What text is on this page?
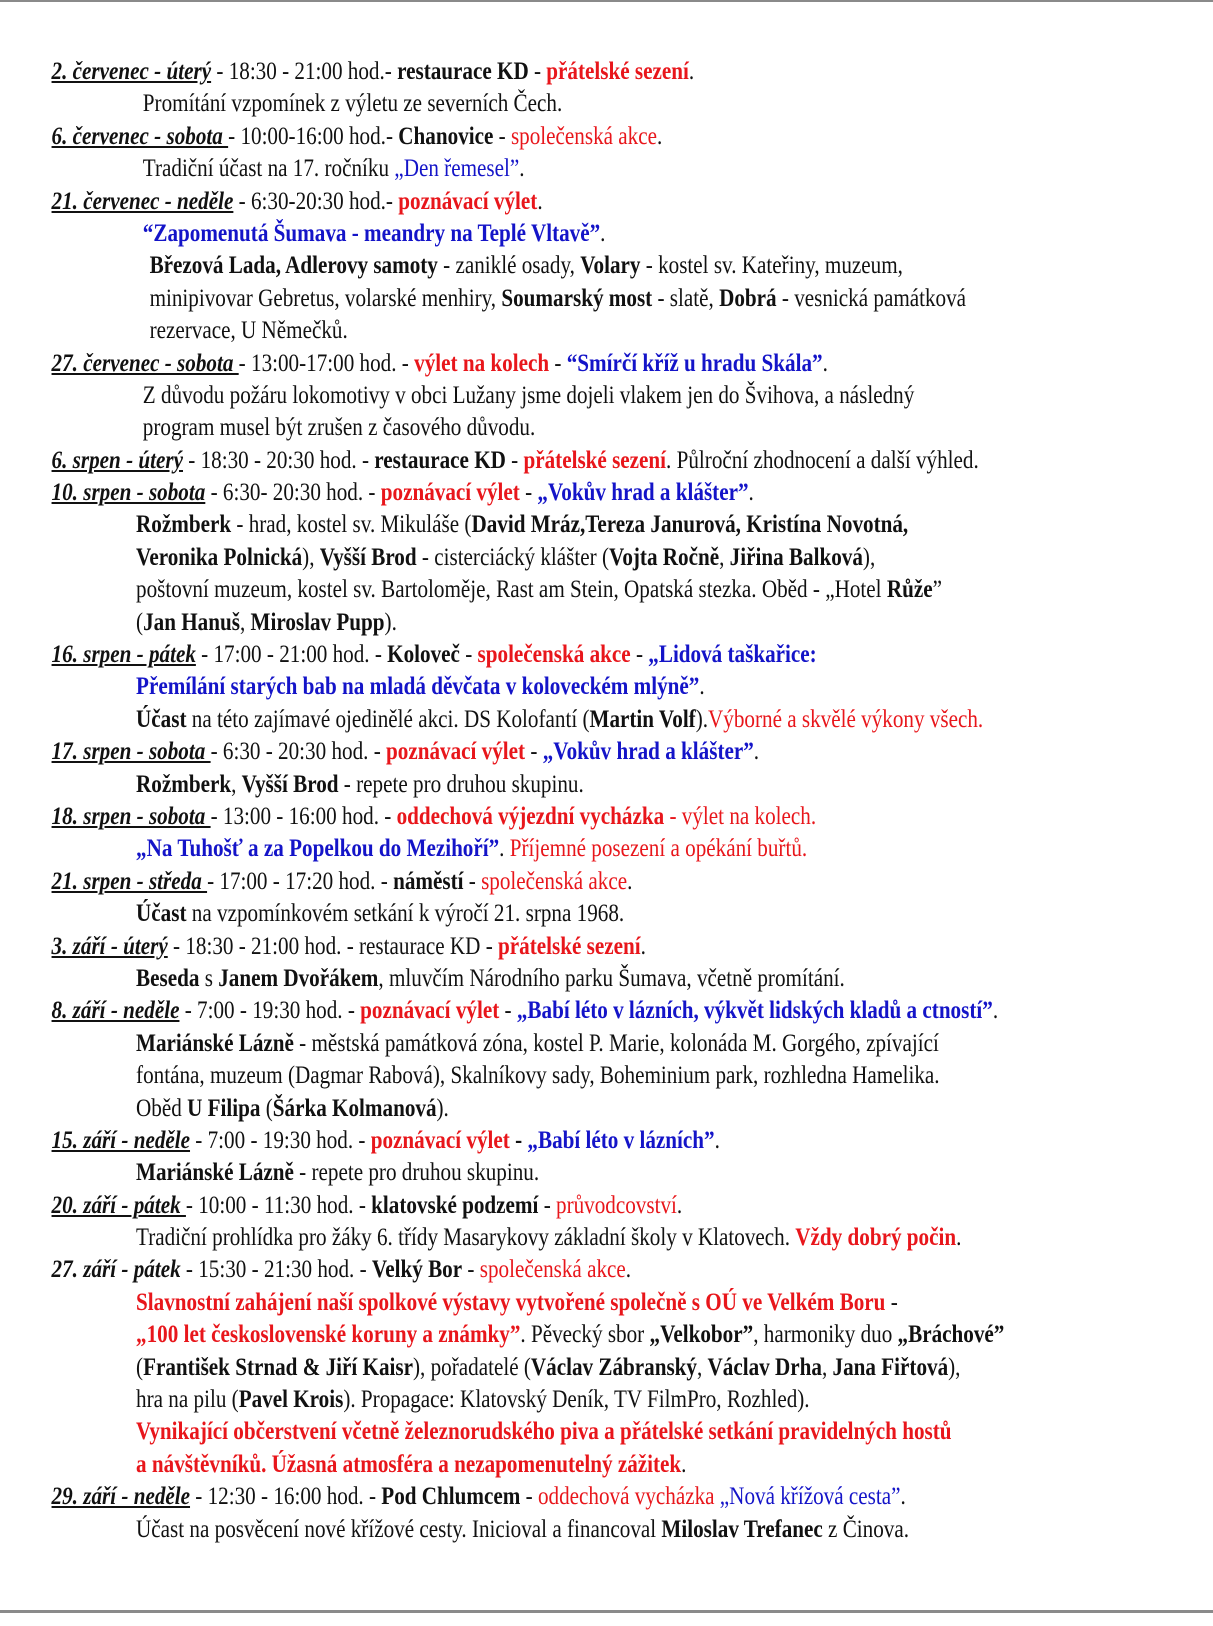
2. červenec - úterý - 18:30 - 21:00 hod.- restaurace KD - přátelské sezení.
Promítání vzpomínek z výletu ze severních Čech.
6. červenec - sobota - 10:00-16:00 hod.- Chanovice - společenská akce.
Tradiční účast na 17. ročníku „Den řemesel”.
21. červenec - neděle - 6:30-20:30 hod.- poznávací výlet.
“Zapomenutá Šumava - meandry na Teplé Vltavě”.
Březová Lada, Adlerovy samoty - zaniklé osady, Volary - kostel sv. Kateřiny, muzeum,
minipivovar Gebretus, volarské menhiry, Soumarský most - slatě, Dobrá - vesnická památková
rezervace, U Němečků.
27. červenec - sobota - 13:00-17:00 hod. - výlet na kolech - “Smírčí kříž u hradu Skála”.
Z důvodu požáru lokomotivy v obci Lužany jsme dojeli vlakem jen do Švihova, a následný
program musel být zrušen z časového důvodu.
6. srpen - úterý - 18:30 - 20:30 hod. - restaurace KD - přátelské sezení. Půlroční zhodnocení a další výhled.
10. srpen - sobota - 6:30- 20:30 hod. - poznávací výlet - „Vokův hrad a klášter”.
Rožmberk - hrad, kostel sv. Mikuláše (David Mráz,Tereza Janurová, Kristína Novotná,
Veronika Polnická), Vyšší Brod - cisterciácký klášter (Vojta Ročně, Jiřina Balková),
poštovní muzeum, kostel sv. Bartoloměje, Rast am Stein, Opatská stezka. Oběd - „Hotel Růže”
(Jan Hanuš, Miroslav Pupp).
16. srpen - pátek - 17:00 - 21:00 hod. - Koloveč - společenská akce - „Lidová taškařice:
Přemílání starých bab na mladá děvčata v koloveckém mlýně”.
Účast na této zajímavé ojedinělé akci. DS Kolofantí (Martin Volf).Výborné a skvělé výkony všech.
17. srpen - sobota - 6:30 - 20:30 hod. - poznávací výlet - „Vokův hrad a klášter”.
Rožmberk, Vyšší Brod - repete pro druhou skupinu.
18. srpen - sobota - 13:00 - 16:00 hod. - oddechová výjezdní vycházka - výlet na kolech.
„Na Tuhošť a za Popelkou do Mezihoří”. Příjemné posezení a opékání buřtů.
21. srpen - středa - 17:00 - 17:20 hod. - náměstí - společenská akce.
Účast na vzpomínkovém setkání k výročí 21. srpna 1968.
3. září - úterý - 18:30 - 21:00 hod. - restaurace KD - přátelské sezení.
Beseda s Janem Dvořákem, mluvčím Národního parku Šumava, včetně promítání.
8. září - neděle - 7:00 - 19:30 hod. - poznávací výlet - „Babí léto v lázních, výkvět lidských kladů a ctností”.
Mariánské Lázně - městská památková zóna, kostel P. Marie, kolonáda M. Gorgého, zpívající
fontána, muzeum (Dagmar Rabová), Skalníkovy sady, Boheminium park, rozhledna Hamelika.
Oběd U Filipa (Šárka Kolmanová).
15. září - neděle - 7:00 - 19:30 hod. - poznávací výlet - „Babí léto v lázních”.
Mariánské Lázně - repete pro druhou skupinu.
20. září - pátek - 10:00 - 11:30 hod. - klatovské podzemí - průvodcovství.
Tradiční prohlídka pro žáky 6. třídy Masarykovy základní školy v Klatovech. Vždy dobrý počin.
27. září - pátek - 15:30 - 21:30 hod. - Velký Bor - společenská akce.
Slavnostní zahájení naší spolkové výstavy vytvořené společně s OÚ ve Velkém Boru -
„100 let československé koruny a známky”. Pěvecký sbor „Velkobor”, harmoniky duo „Bráchové”
(František Strnad & Jiří Kaisr), pořadatelé (Václav Zábranský, Václav Drha, Jana Fiřtová),
hra na pilu (Pavel Krois). Propagace: Klatovský Deník, TV FilmPro, Rozhled).
Vynikající občerstvení včetně železnorudského piva a přátelské setkání pravidelných hostů
a návštěvníků. Úžasná atmosféra a nezapomenutelný zážitek.
29. září - neděle - 12:30 - 16:00 hod. - Pod Chlumcem - oddechová vycházka „Nová křížová cesta”.
Účast na posvěcení nové křížové cesty. Inicioval a financoval Miloslav Trefanec z Činova.
